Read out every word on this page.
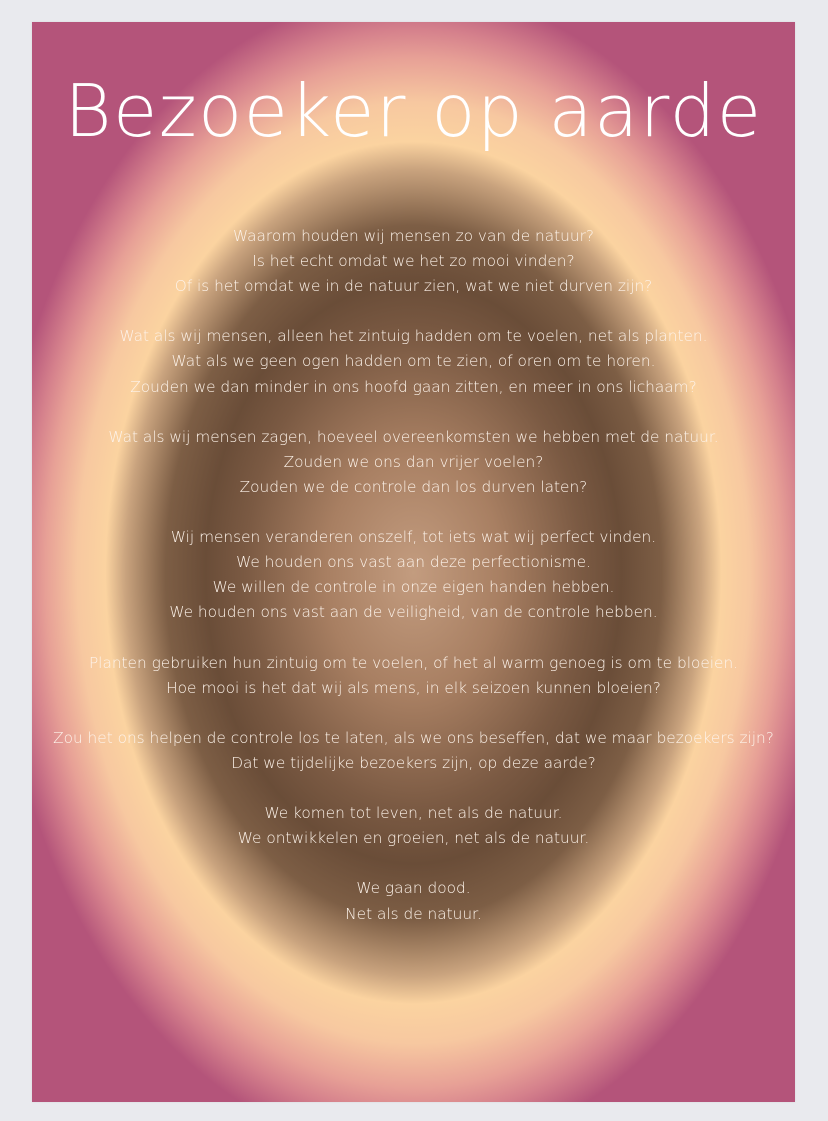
Bezoeker op aarde
Waarom houden wij mensen zo van de natuur?
Is het echt omdat we het zo mooi vinden?
Of is het omdat we in de natuur zien, wat we niet durven zijn?
Wat als wij mensen, alleen het zintuig hadden om te voelen, net als planten.
Wat als we geen ogen hadden om te zien, of oren om te horen.
Zouden we dan minder in ons hoofd gaan zitten, en meer in ons lichaam?
Wat als wij mensen zagen, hoeveel overeenkomsten we hebben met de natuur.
Zouden we ons dan vrijer voelen?
Zouden we de controle dan los durven laten?
Wij mensen veranderen onszelf, tot iets wat wij perfect vinden.
We houden ons vast aan deze perfectionisme.
We willen de controle in onze eigen handen hebben.
We houden ons vast aan de veiligheid, van de controle hebben.
Planten gebruiken hun zintuig om te voelen, of het al warm genoeg is om te bloeien.
Hoe mooi is het dat wij als mens, in elk seizoen kunnen bloeien?
Zou het ons helpen de controle los te laten, als we ons beseffen, dat we maar bezoekers zijn?
Dat we tijdelijke bezoekers zijn, op deze aarde?
We komen tot leven, net als de natuur.
We ontwikkelen en groeien, net als de natuur.
We gaan dood.
Net als de natuur.
